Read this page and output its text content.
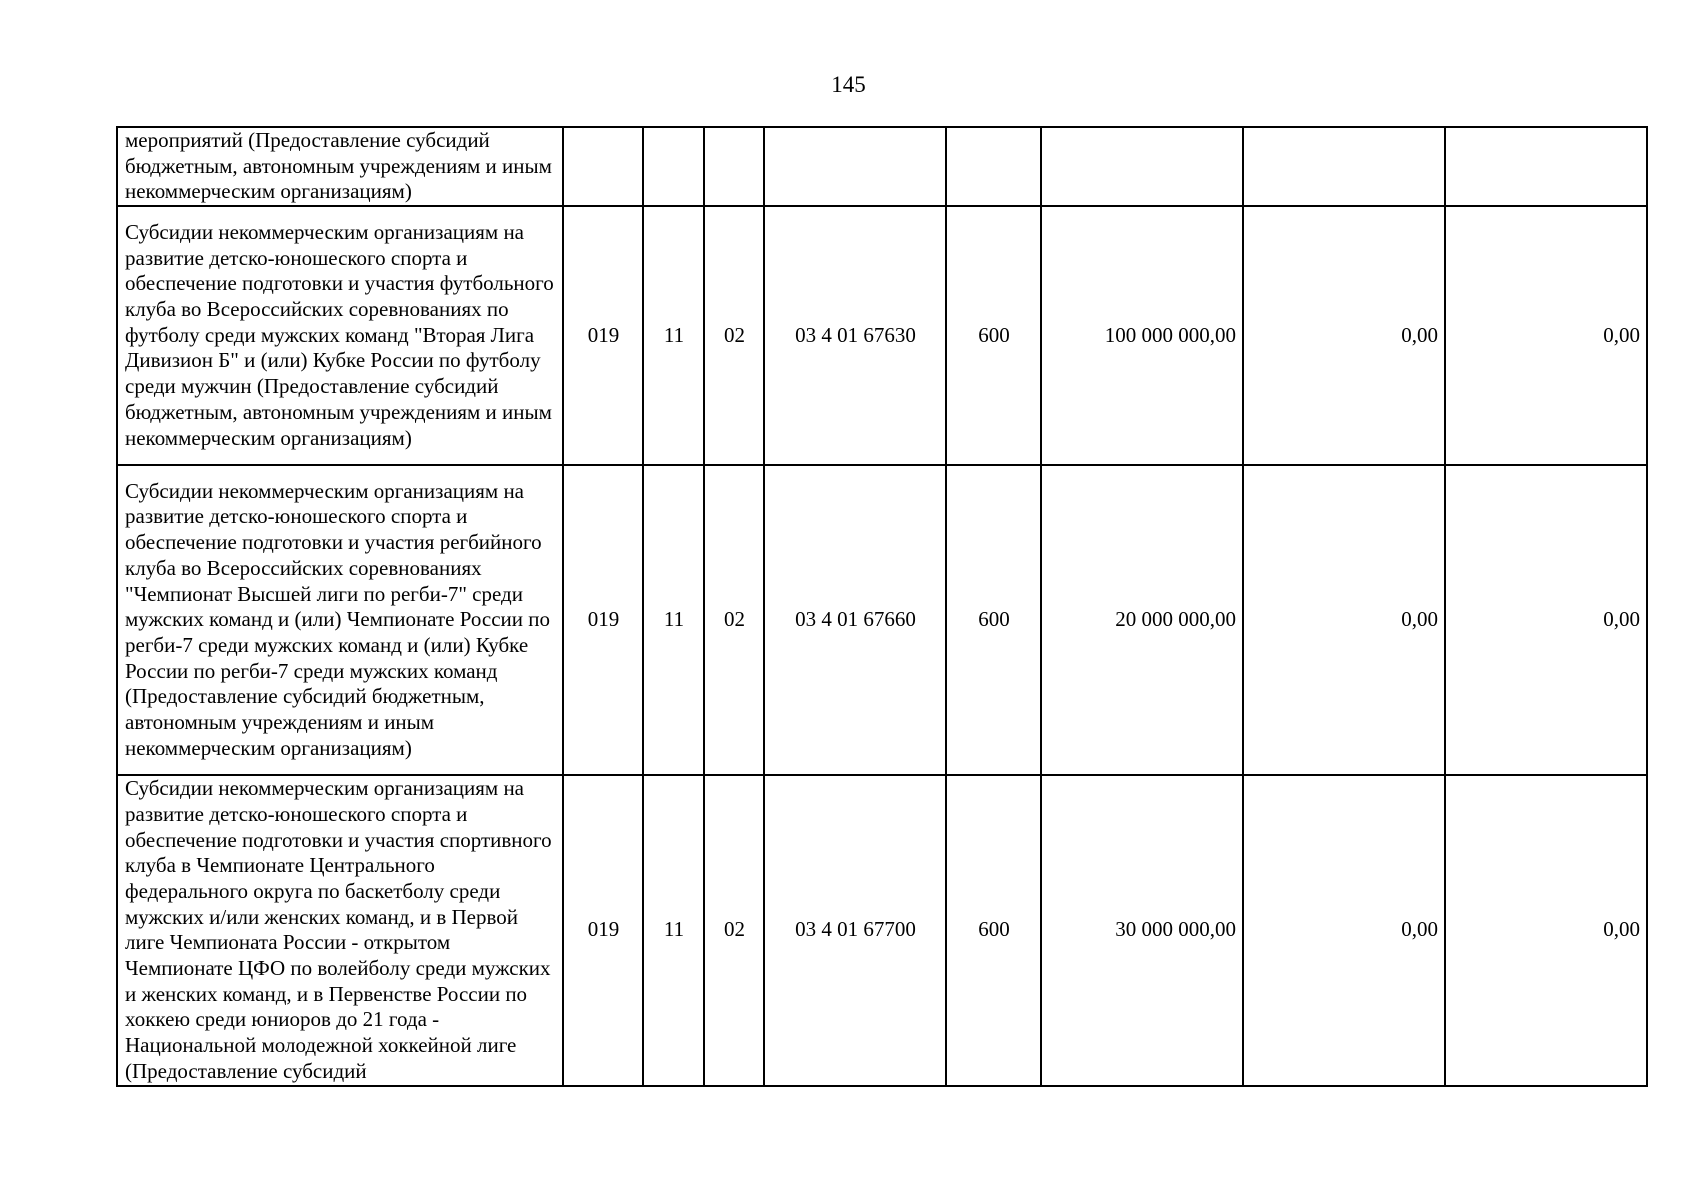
145
мероприятий (Предоставление субсидий бюджетным, автономным учреждениям и иным некоммерческим организациям)								
Субсидии некоммерческим организациям на развитие детско-юношеского спорта и обеспечение подготовки и участия футбольного клуба во Всероссийских соревнованиях по футболу среди мужских команд "Вторая Лига Дивизион Б" и (или) Кубке России по футболу среди мужчин (Предоставление субсидий бюджетным, автономным учреждениям и иным некоммерческим организациям)	019	11	02	03 4 01 67630	600	100 000 000,00	0,00	0,00
Субсидии некоммерческим организациям на развитие детско-юношеского спорта и обеспечение подготовки и участия регбийного клуба во Всероссийских соревнованиях "Чемпионат Высшей лиги по регби-7" среди мужских команд и (или) Чемпионате России по регби-7 среди мужских команд и (или) Кубке России по регби-7 среди мужских команд (Предоставление субсидий бюджетным, автономным учреждениям и иным некоммерческим организациям)	019	11	02	03 4 01 67660	600	20 000 000,00	0,00	0,00
Субсидии некоммерческим организациям на развитие детско-юношеского спорта и обеспечение подготовки и участия спортивного клуба в Чемпионате Центрального федерального округа по баскетболу среди мужских и/или женских команд, и в Первой лиге Чемпионата России - открытом Чемпионате ЦФО по волейболу среди мужских и женских команд, и в Первенстве России по хоккею среди юниоров до 21 года - Национальной молодежной хоккейной лиге (Предоставление субсидий	019	11	02	03 4 01 67700	600	30 000 000,00	0,00	0,00
